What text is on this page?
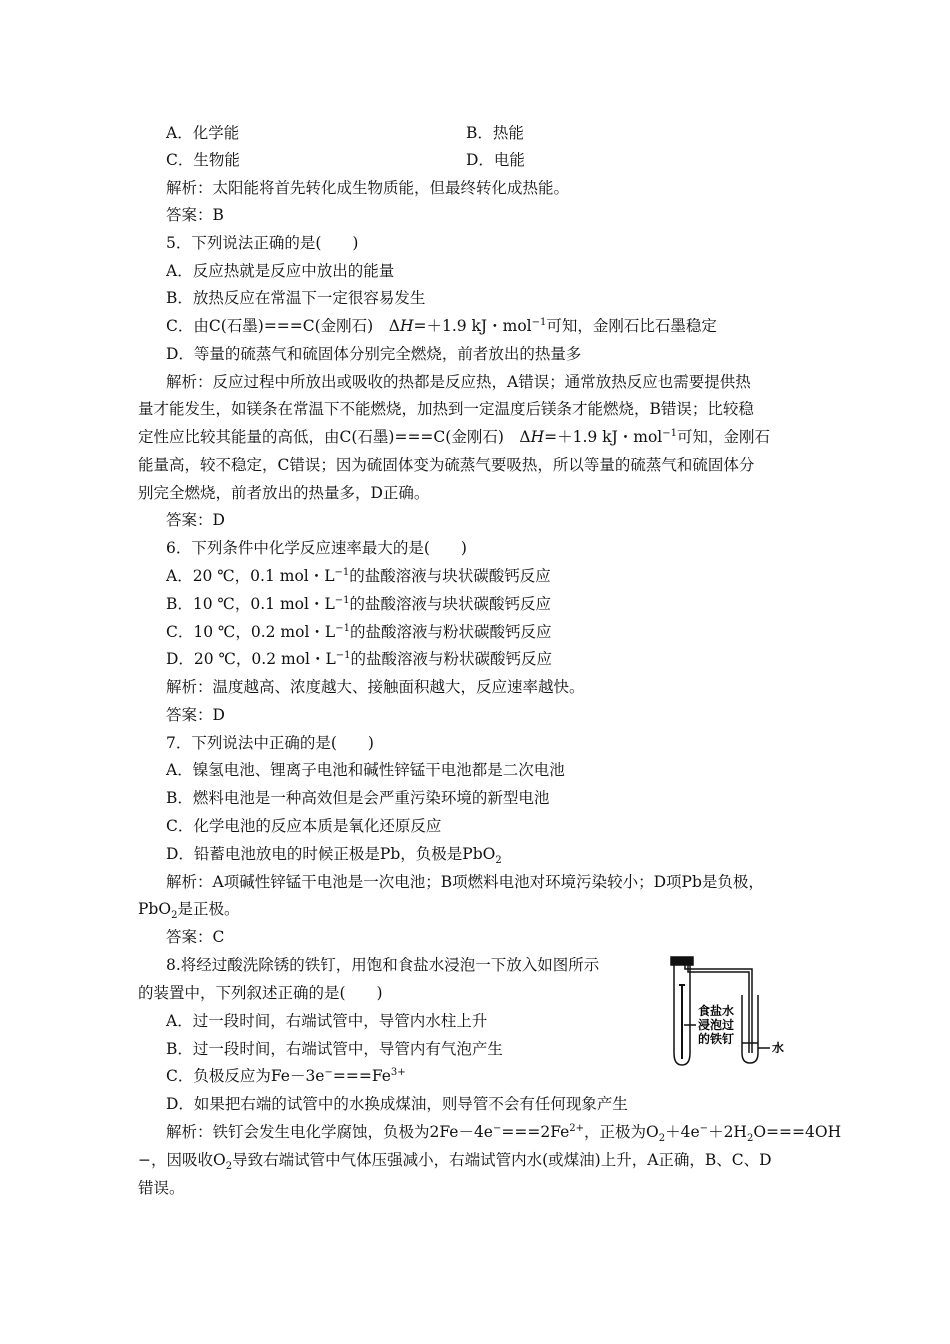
A．化学能	B．热能
C．生物能	D．电能
解析：太阳能将首先转化成生物质能，但最终转化成热能。
答案：B
5．下列说法正确的是(　　)
A．反应热就是反应中放出的能量
B．放热反应在常温下一定很容易发生
C．由C(石墨)===C(金刚石)　ΔH=＋1.9 kJ・mol$^{-1}$可知，金刚石比石墨稳定
D．等量的硫蒸气和硫固体分别完全燃烧，前者放出的热量多
解析：反应过程中所放出或吸收的热都是反应热，A错误；通常放热反应也需要提供热
量才能发生，如镁条在常温下不能燃烧，加热到一定温度后镁条才能燃烧，B错误；比较稳
定性应比较其能量的高低，由C(石墨)===C(金刚石)　ΔH=＋1.9 kJ・mol$^{-1}$可知，金刚石
能量高，较不稳定，C错误；因为硫固体变为硫蒸气要吸热，所以等量的硫蒸气和硫固体分
别完全燃烧，前者放出的热量多，D正确。
答案：D
6．下列条件中化学反应速率最大的是(　　)
A．20 ℃，0.1 mol・$L^{-1}$的盐酸溶液与块状碳酸钙反应
B．10 ℃，0.1 mol・$L^{-1}$的盐酸溶液与块状碳酸钙反应
C．10 ℃，0.2 mol・$L^{-1}$的盐酸溶液与粉状碳酸钙反应
D．20 ℃，0.2 mol・$L^{-1}$的盐酸溶液与粉状碳酸钙反应
解析：温度越高、浓度越大、接触面积越大，反应速率越快。
答案：D
7．下列说法中正确的是(　　)
A．镍氢电池、锂离子电池和碱性锌锰干电池都是二次电池
B．燃料电池是一种高效但是会严重污染环境的新型电池
C．化学电池的反应本质是氧化还原反应
D．铅蓄电池放电的时候正极是Pb，负极是PbO$_2$
解析：A项碱性锌锰干电池是一次电池；B项燃料电池对环境污染较小；D项Pb是负极，
PbO$_2$是正极。
答案：C
8.将经过酸洗除锈的铁钉，用饱和食盐水浸泡一下放入如图所示
的装置中，下列叙述正确的是(　　)
A．过一段时间，右端试管中，导管内水柱上升
B．过一段时间，右端试管中，导管内有气泡产生
C．负极反应为$Fe-3e^-===Fe^{3+}$
D．如果把右端的试管中的水换成煤油，则导管不会有任何现象产生
解析：铁钉会发生电化学腐蚀，负极为$2Fe-4e^-===2Fe^{2+}$，正极为$O_2+4e^-+2H_2O===4OH$
−，因吸收$O_2$导致右端试管中气体压强减小，右端试管内水(或煤油)上升，A正确，B、C、D
错误。
食盐水
浸泡过
的铁钉
水
